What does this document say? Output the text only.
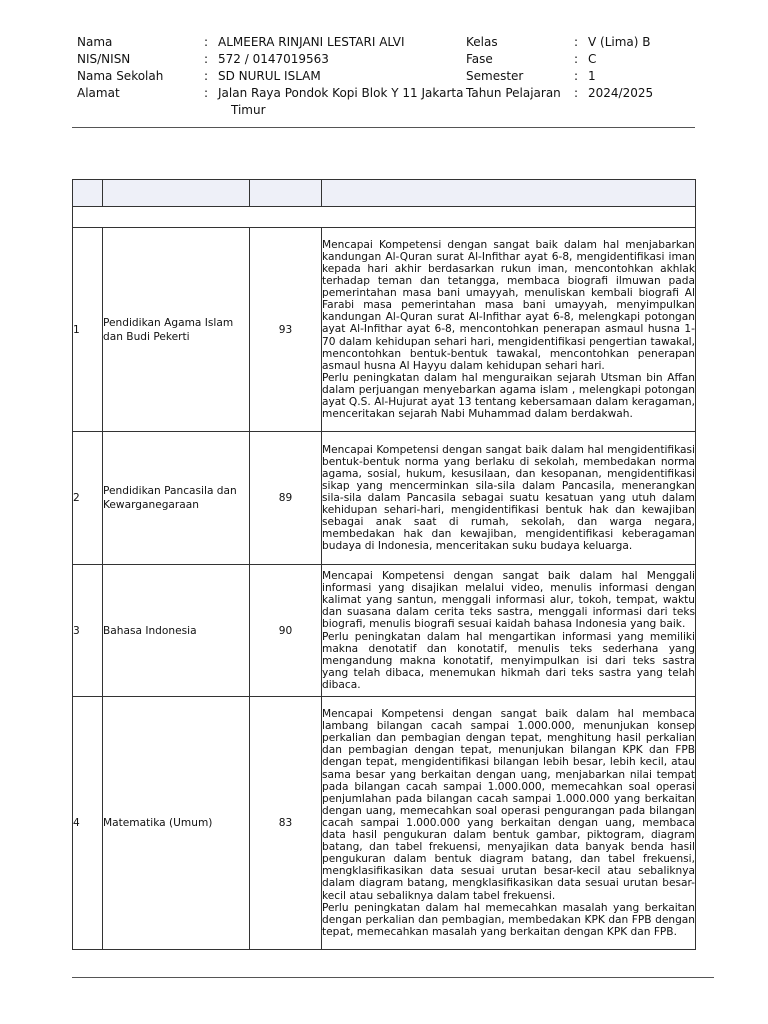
Nama	: ALMEERA RINJANI LESTARI ALVI	Kelas	: V (Lima) B
NIS/NISN	: 572 / 0147019563	Fase	: C
Nama Sekolah	: SD NURUL ISLAM	Semester	: 1
Alamat	: Jalan Raya Pondok Kopi Blok Y 11 Jakarta
Timur
Tahun Pelajaran	: 2024/2025

1	Pendidikan Agama Islam dan Budi Pekerti	93	Mencapai Kompetensi dengan sangat baik dalam hal menjabarkan kandungan Al-Quran surat Al-Infithar ayat 6-8, mengidentifikasi iman kepada hari akhir berdasarkan rukun iman, mencontohkan akhlak terhadap teman dan tetangga, membaca biografi ilmuwan pada pemerintahan masa bani umayyah, menuliskan kembali biografi Al Farabi masa pemerintahan masa bani umayyah, menyimpulkan kandungan Al-Quran surat Al-Infithar ayat 6-8, melengkapi potongan ayat Al-Infithar ayat 6-8, mencontohkan penerapan asmaul husna 1-70 dalam kehidupan sehari hari, mengidentifikasi pengertian tawakal, mencontohkan bentuk-bentuk tawakal, mencontohkan penerapan asmaul husna Al Hayyu dalam kehidupan sehari hari.

Perlu peningkatan dalam hal menguraikan sejarah Utsman bin Affan dalam perjuangan menyebarkan agama islam , melengkapi potongan ayat Q.S. Al-Hujurat ayat 13 tentang kebersamaan dalam keragaman, menceritakan sejarah Nabi Muhammad dalam berdakwah.

2	Pendidikan Pancasila dan Kewarganegaraan	89	Mencapai Kompetensi dengan sangat baik dalam hal mengidentifikasi bentuk-bentuk norma yang berlaku di sekolah, membedakan norma agama, sosial, hukum, kesusilaan, dan kesopanan, mengidentifikasi sikap yang mencerminkan sila-sila dalam Pancasila, menerangkan sila-sila dalam Pancasila sebagai suatu kesatuan yang utuh dalam kehidupan sehari-hari, mengidentifikasi bentuk hak dan kewajiban sebagai anak saat di rumah, sekolah, dan warga negara, membedakan hak dan kewajiban, mengidentifikasi keberagaman budaya di Indonesia, menceritakan suku budaya keluarga.

3	Bahasa Indonesia	90	Mencapai Kompetensi dengan sangat baik dalam hal Menggali informasi yang disajikan melalui video, menulis informasi dengan kalimat yang santun, menggali informasi alur, tokoh, tempat, waktu dan suasana dalam cerita teks sastra, menggali informasi dari teks biografi, menulis biografi sesuai kaidah bahasa Indonesia yang baik.

Perlu peningkatan dalam hal mengartikan informasi yang memiliki makna denotatif dan konotatif, menulis teks sederhana yang mengandung makna konotatif, menyimpulkan isi dari teks sastra yang telah dibaca, menemukan hikmah dari teks sastra yang telah dibaca.

4	Matematika (Umum)	83	Mencapai Kompetensi dengan sangat baik dalam hal membaca lambang bilangan cacah sampai 1.000.000, menunjukan konsep perkalian dan pembagian dengan tepat, menghitung hasil perkalian dan pembagian dengan tepat, menunjukan bilangan KPK dan FPB dengan tepat, mengidentifikasi bilangan lebih besar, lebih kecil, atau sama besar yang berkaitan dengan uang, menjabarkan nilai tempat pada bilangan cacah sampai 1.000.000, memecahkan soal operasi penjumlahan pada bilangan cacah sampai 1.000.000 yang berkaitan dengan uang, memecahkan soal operasi pengurangan pada bilangan cacah sampai 1.000.000 yang berkaitan dengan uang, membaca data hasil pengukuran dalam bentuk gambar, piktogram, diagram batang, dan tabel frekuensi, menyajikan data banyak benda hasil pengukuran dalam bentuk diagram batang, dan tabel frekuensi, mengklasifikasikan data sesuai urutan besar-kecil atau sebaliknya dalam diagram batang, mengklasifikasikan data sesuai urutan besar-kecil atau sebaliknya dalam tabel frekuensi.

Perlu peningkatan dalam hal memecahkan masalah yang berkaitan dengan perkalian dan pembagian, membedakan KPK dan FPB dengan tepat, memecahkan masalah yang berkaitan dengan KPK dan FPB.
